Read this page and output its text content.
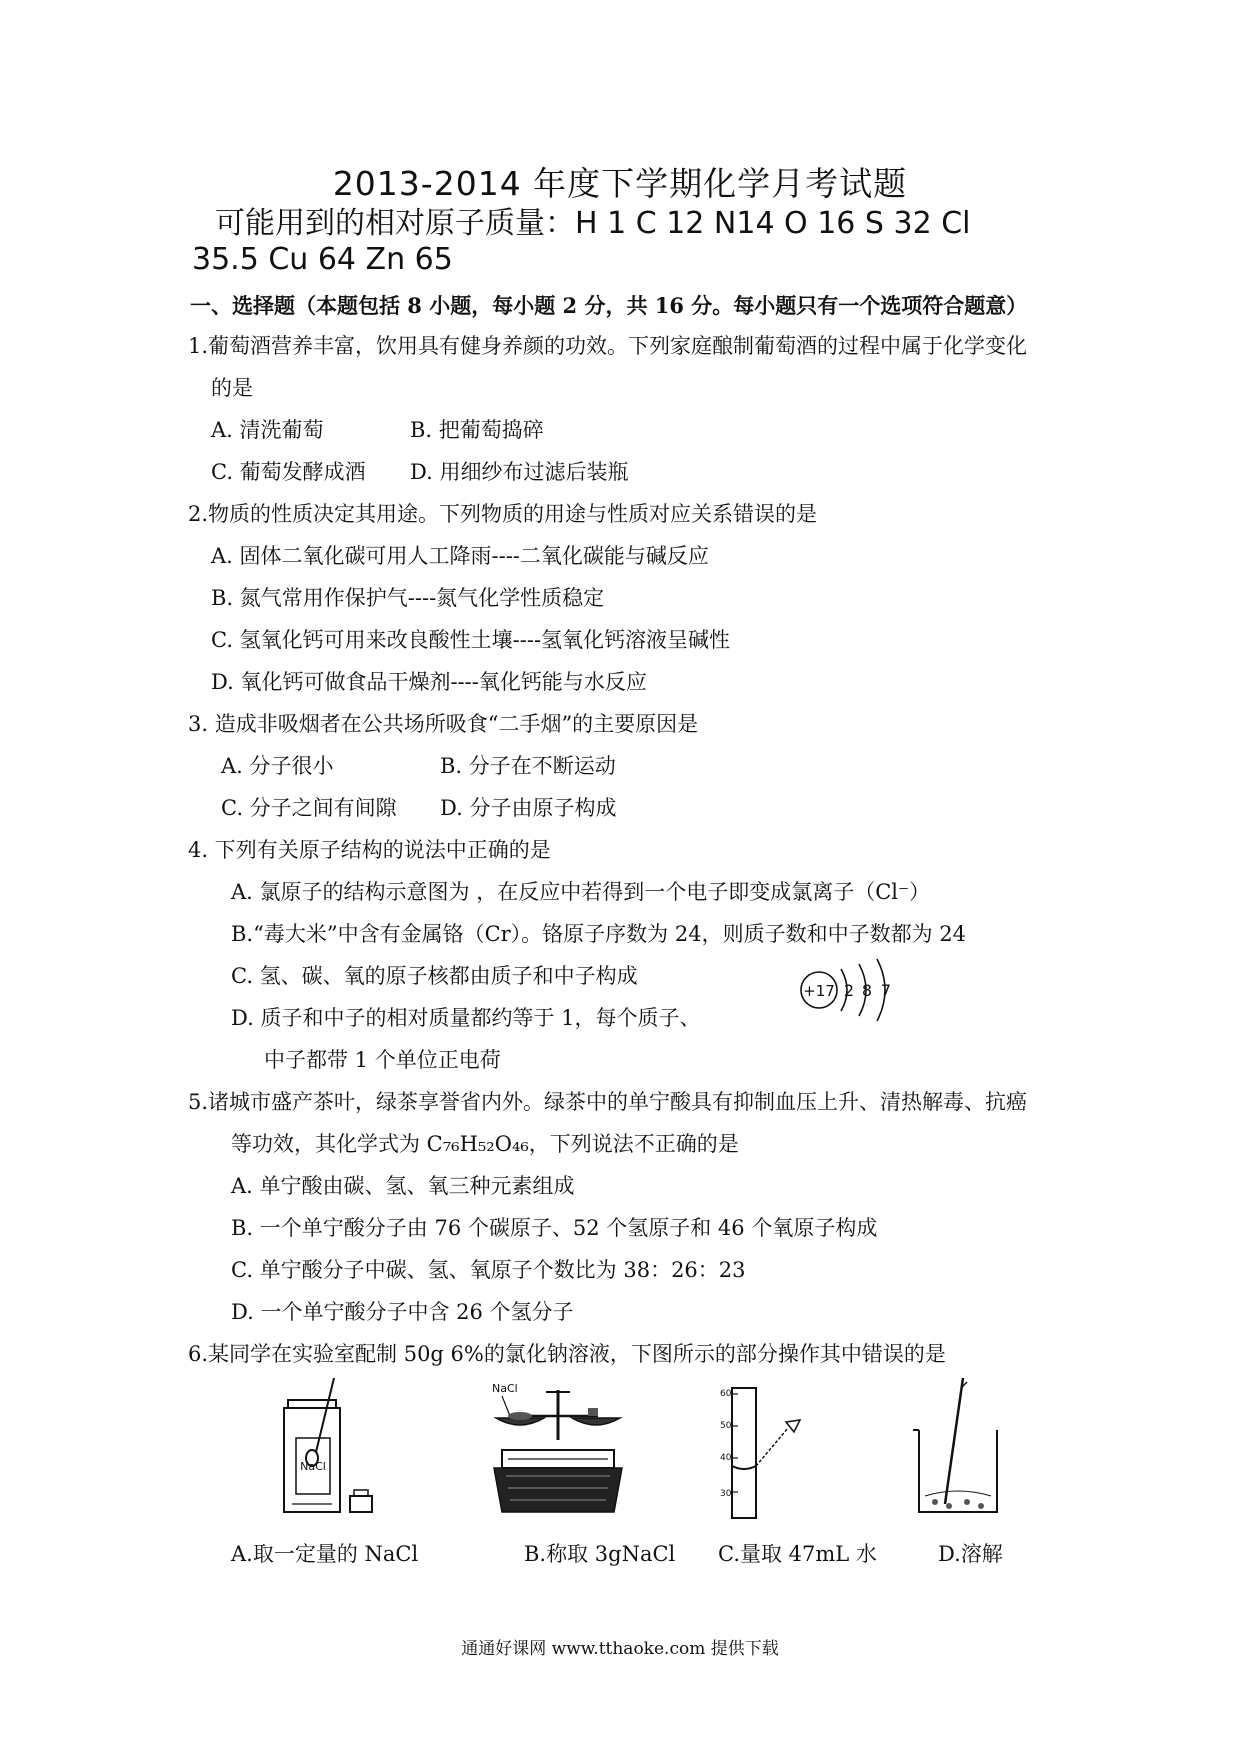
2013-2014 年度下学期化学月考试题
可能用到的相对原子质量：H 1 C 12 N14 O 16 S 32 Cl
35.5 Cu 64 Zn 65
一、选择题（本题包括 8 小题，每小题 2 分，共 16 分。每小题只有一个选项符合题意）
1.葡萄酒营养丰富，饮用具有健身养颜的功效。下列家庭酿制葡萄酒的过程中属于化学变化
的是
A. 清洗葡萄	B. 把葡萄捣碎
C. 葡萄发酵成酒 D. 用细纱布过滤后装瓶
2.物质的性质决定其用途。下列物质的用途与性质对应关系错误的是
A. 固体二氧化碳可用人工降雨----二氧化碳能与碱反应
B. 氮气常用作保护气----氮气化学性质稳定
C. 氢氧化钙可用来改良酸性土壤----氢氧化钙溶液呈碱性
D. 氧化钙可做食品干燥剂----氧化钙能与水反应
3. 造成非吸烟者在公共场所吸食“二手烟”的主要原因是
A. 分子很小	B. 分子在不断运动
C. 分子之间有间隙 D. 分子由原子构成
4. 下列有关原子结构的说法中正确的是
A. 氯原子的结构示意图为 ，在反应中若得到一个电子即变成氯离子（Cl⁻）
B.“毒大米”中含有金属铬（Cr）。铬原子序数为 24，则质子数和中子数都为 24
C. 氢、碳、氧的原子核都由质子和中子构成
D. 质子和中子的相对质量都约等于 1，每个质子、
中子都带 1 个单位正电荷
+17 2 8 7
5.诸城市盛产茶叶，绿茶享誉省内外。绿茶中的单宁酸具有抑制血压上升、清热解毒、抗癌
等功效，其化学式为 C₇₆H₅₂O₄₆，下列说法不正确的是
A. 单宁酸由碳、氢、氧三种元素组成
B. 一个单宁酸分子由 76 个碳原子、52 个氢原子和 46 个氧原子构成
C. 单宁酸分子中碳、氢、氧原子个数比为 38：26：23
D. 一个单宁酸分子中含 26 个氢分子
6.某同学在实验室配制 50g 6%的氯化钠溶液，下图所示的部分操作其中错误的是
NaCl
NaCl	60
50
40
30
A.取一定量的 NaCl	B.称取 3gNaCl C.量取 47mL 水	D.溶解
通通好课网 www.tthaoke.com 提供下载
